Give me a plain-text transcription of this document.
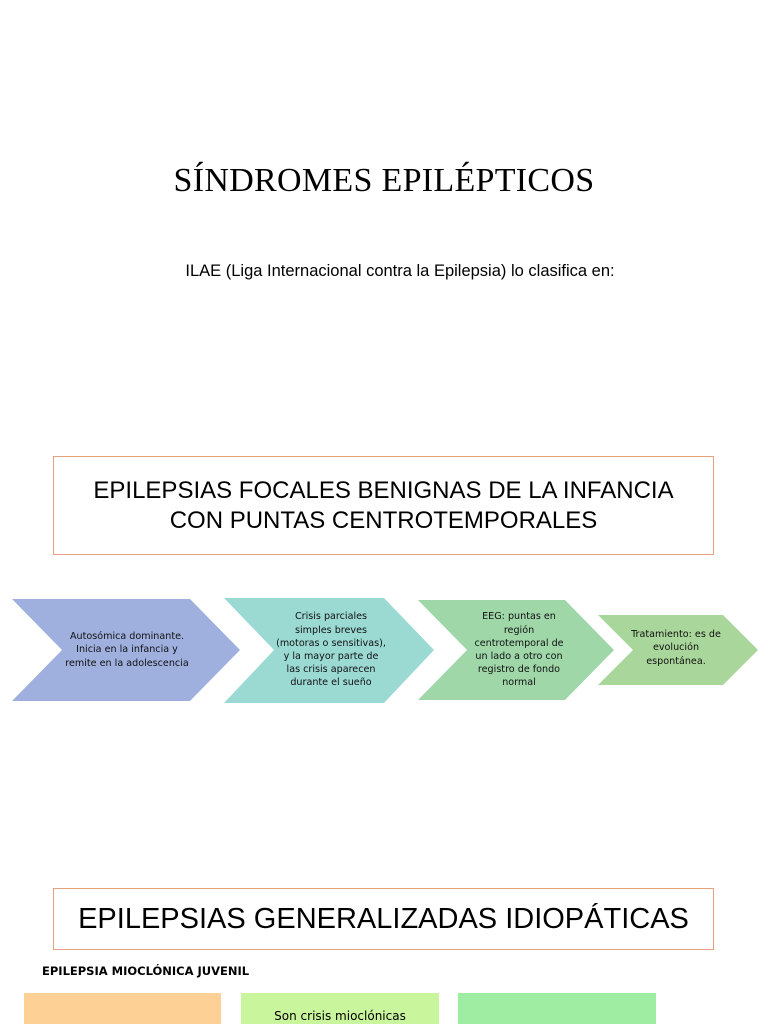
SÍNDROMES EPILÉPTICOS
ILAE (Liga Internacional contra la Epilepsia) lo clasifica en:
EPILEPSIAS FOCALES BENIGNAS DE LA INFANCIA CON PUNTAS CENTROTEMPORALES
Autosómica dominante. Inicia en la infancia y remite en la adolescencia
Crisis parciales simples breves (motoras o sensitivas), y la mayor parte de las crisis aparecen durante el sueño
EEG: puntas en región centrotemporal de un lado a otro con registro de fondo normal
Tratamiento: es de evolución espontánea.
EPILEPSIAS GENERALIZADAS IDIOPÁTICAS
EPILEPSIA MIOCLÓNICA JUVENIL
Son crisis mioclónicas
